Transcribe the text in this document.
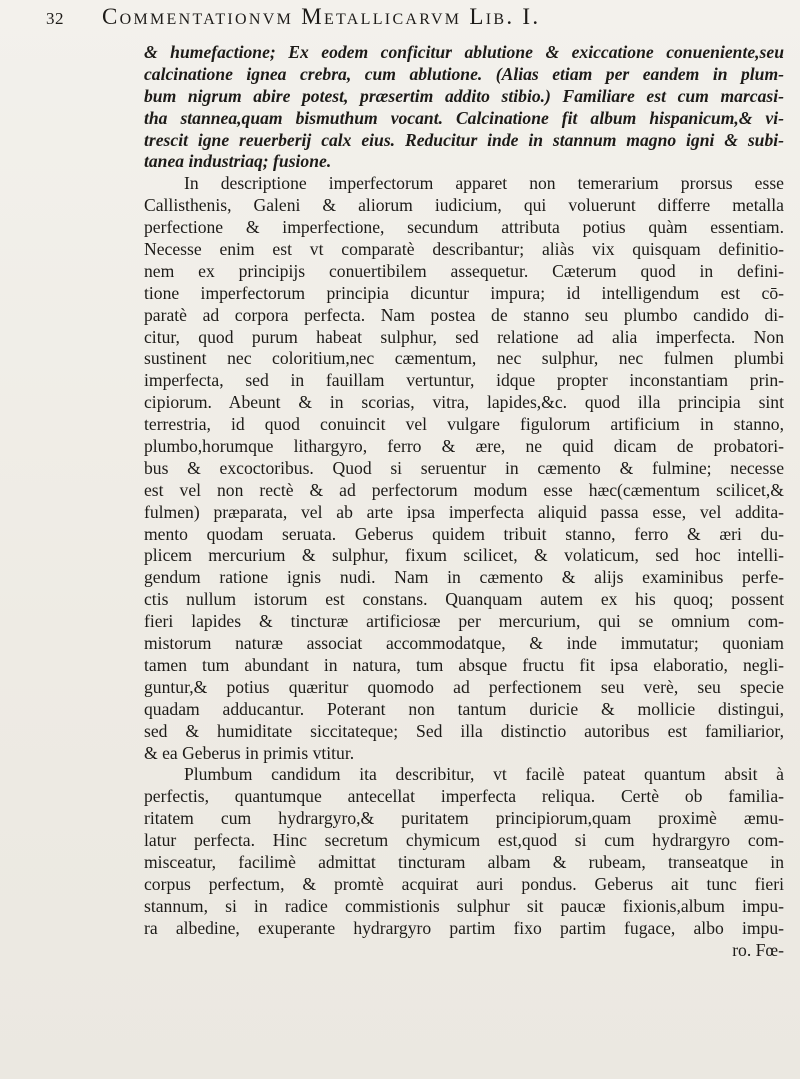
32 Commentationvm Metallicarvm Lib. I.
& humefactione; Ex eodem conficitur ablutione & exiccatione conueniente,seu
calcinatione ignea crebra, cum ablutione. (Alias etiam per eandem in plum-
bum nigrum abire potest, præsertim addito stibio.) Familiare est cum marcasi-
tha stannea,quam bismuthum vocant. Calcinatione fit album hispanicum,& vi-
trescit igne reuerberij calx eius. Reducitur inde in stannum magno igni & subi-
tanea industriaq; fusione.
In descriptione imperfectorum apparet non temerarium prorsus esse
Callisthenis, Galeni & aliorum iudicium, qui voluerunt differre metalla
perfectione & imperfectione, secundum attributa potius quàm essentiam.
Necesse enim est vt comparatè describantur; aliàs vix quisquam definitio-
nem ex principijs conuertibilem assequetur. Cæterum quod in defini-
tione imperfectorum principia dicuntur impura; id intelligendum est cō-
paratè ad corpora perfecta. Nam postea de stanno seu plumbo candido di-
citur, quod purum habeat sulphur, sed relatione ad alia imperfecta. Non
sustinent nec coloritium,nec cæmentum, nec sulphur, nec fulmen plumbi
imperfecta, sed in fauillam vertuntur, idque propter inconstantiam prin-
cipiorum. Abeunt & in scorias, vitra, lapides,&c. quod illa principia sint
terrestria, id quod conuincit vel vulgare figulorum artificium in stanno,
plumbo,horumque lithargyro, ferro & ære, ne quid dicam de probatori-
bus & excoctoribus. Quod si seruentur in cæmento & fulmine; necesse
est vel non rectè & ad perfectorum modum esse hæc(cæmentum scilicet,&
fulmen) præparata, vel ab arte ipsa imperfecta aliquid passa esse, vel addita-
mento quodam seruata. Geberus quidem tribuit stanno, ferro & æri du-
plicem mercurium & sulphur, fixum scilicet, & volaticum, sed hoc intelli-
gendum ratione ignis nudi. Nam in cæmento & alijs examinibus perfe-
ctis nullum istorum est constans. Quanquam autem ex his quoq; possent
fieri lapides & tincturæ artificiosæ per mercurium, qui se omnium com-
mistorum naturæ associat accommodatque, & inde immutatur; quoniam
tamen tum abundant in natura, tum absque fructu fit ipsa elaboratio, negli-
guntur,& potius quæritur quomodo ad perfectionem seu verè, seu specie
quadam adducantur. Poterant non tantum duricie & mollicie distingui,
sed & humiditate siccitateque; Sed illa distinctio autoribus est familiarior,
& ea Geberus in primis vtitur.
Plumbum candidum ita describitur, vt facilè pateat quantum absit à
perfectis, quantumque antecellat imperfecta reliqua. Certè ob familia-
ritatem cum hydrargyro,& puritatem principiorum,quam proximè æmu-
latur perfecta. Hinc secretum chymicum est,quod si cum hydrargyro com-
misceatur, facilimè admittat tincturam albam & rubeam, transeatque in
corpus perfectum, & promtè acquirat auri pondus. Geberus ait tunc fieri
stannum, si in radice commistionis sulphur sit paucæ fixionis,album impu-
ra albedine, exuperante hydrargyro partim fixo partim fugace, albo impu-
ro. Fœ-
